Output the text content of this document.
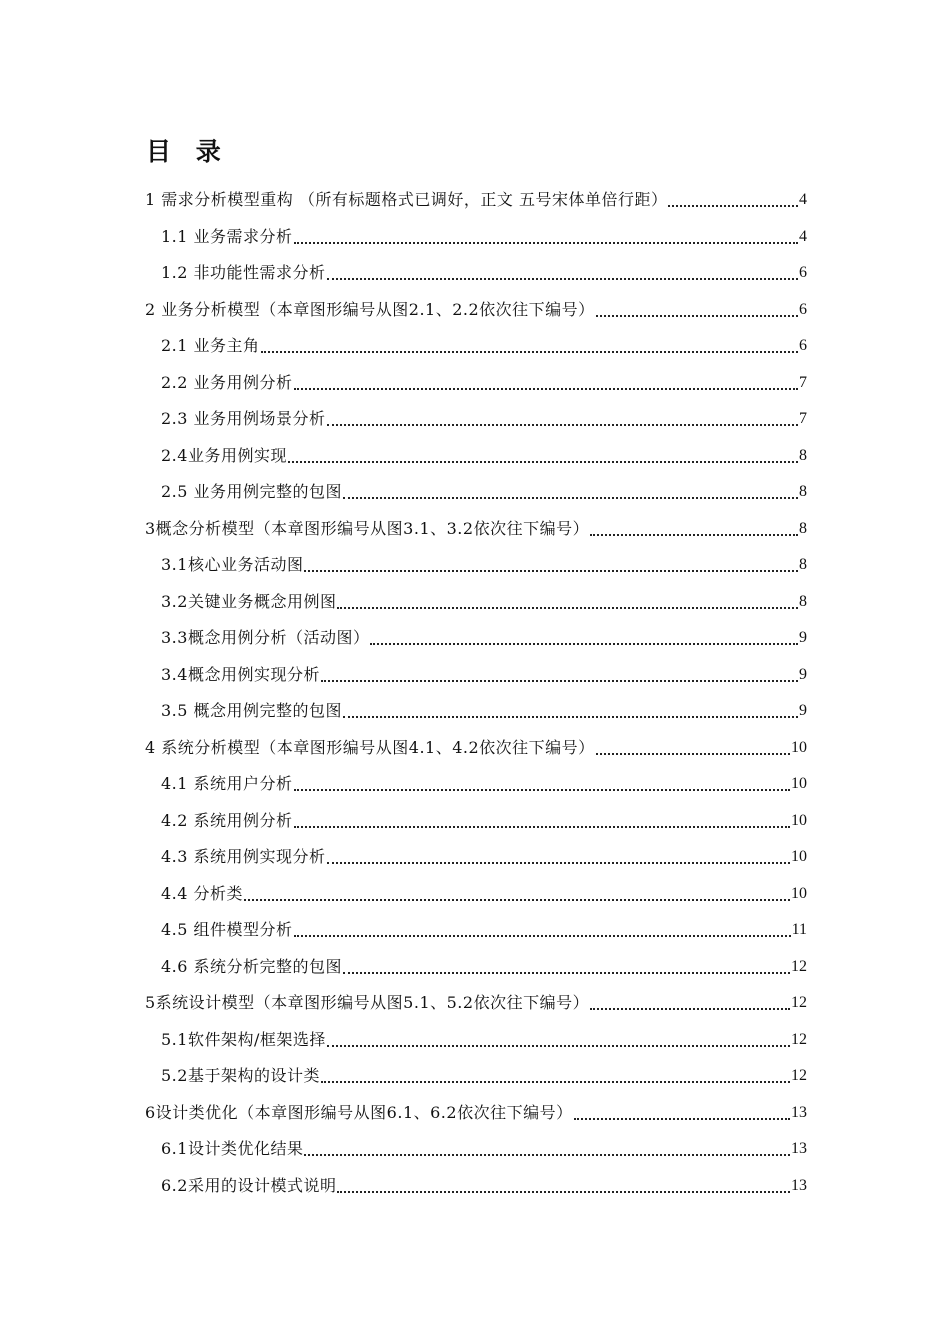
目 录
1 需求分析模型重构 （所有标题格式已调好，正文 五号宋体单倍行距）	4
1.1 业务需求分析	4
1.2 非功能性需求分析	6
2 业务分析模型（本章图形编号从图2.1、2.2依次往下编号）	6
2.1 业务主角	6
2.2 业务用例分析	7
2.3 业务用例场景分析	7
2.4业务用例实现	8
2.5 业务用例完整的包图	8
3概念分析模型（本章图形编号从图3.1、3.2依次往下编号）	8
3.1核心业务活动图	8
3.2关键业务概念用例图	8
3.3概念用例分析（活动图）	9
3.4概念用例实现分析	9
3.5 概念用例完整的包图	9
4 系统分析模型（本章图形编号从图4.1、4.2依次往下编号）	10
4.1 系统用户分析	10
4.2 系统用例分析	10
4.3 系统用例实现分析	10
4.4 分析类	10
4.5 组件模型分析	11
4.6 系统分析完整的包图	12
5系统设计模型（本章图形编号从图5.1、5.2依次往下编号）	12
5.1软件架构/框架选择	12
5.2基于架构的设计类	12
6设计类优化（本章图形编号从图6.1、6.2依次往下编号）	13
6.1设计类优化结果	13
6.2采用的设计模式说明	13
